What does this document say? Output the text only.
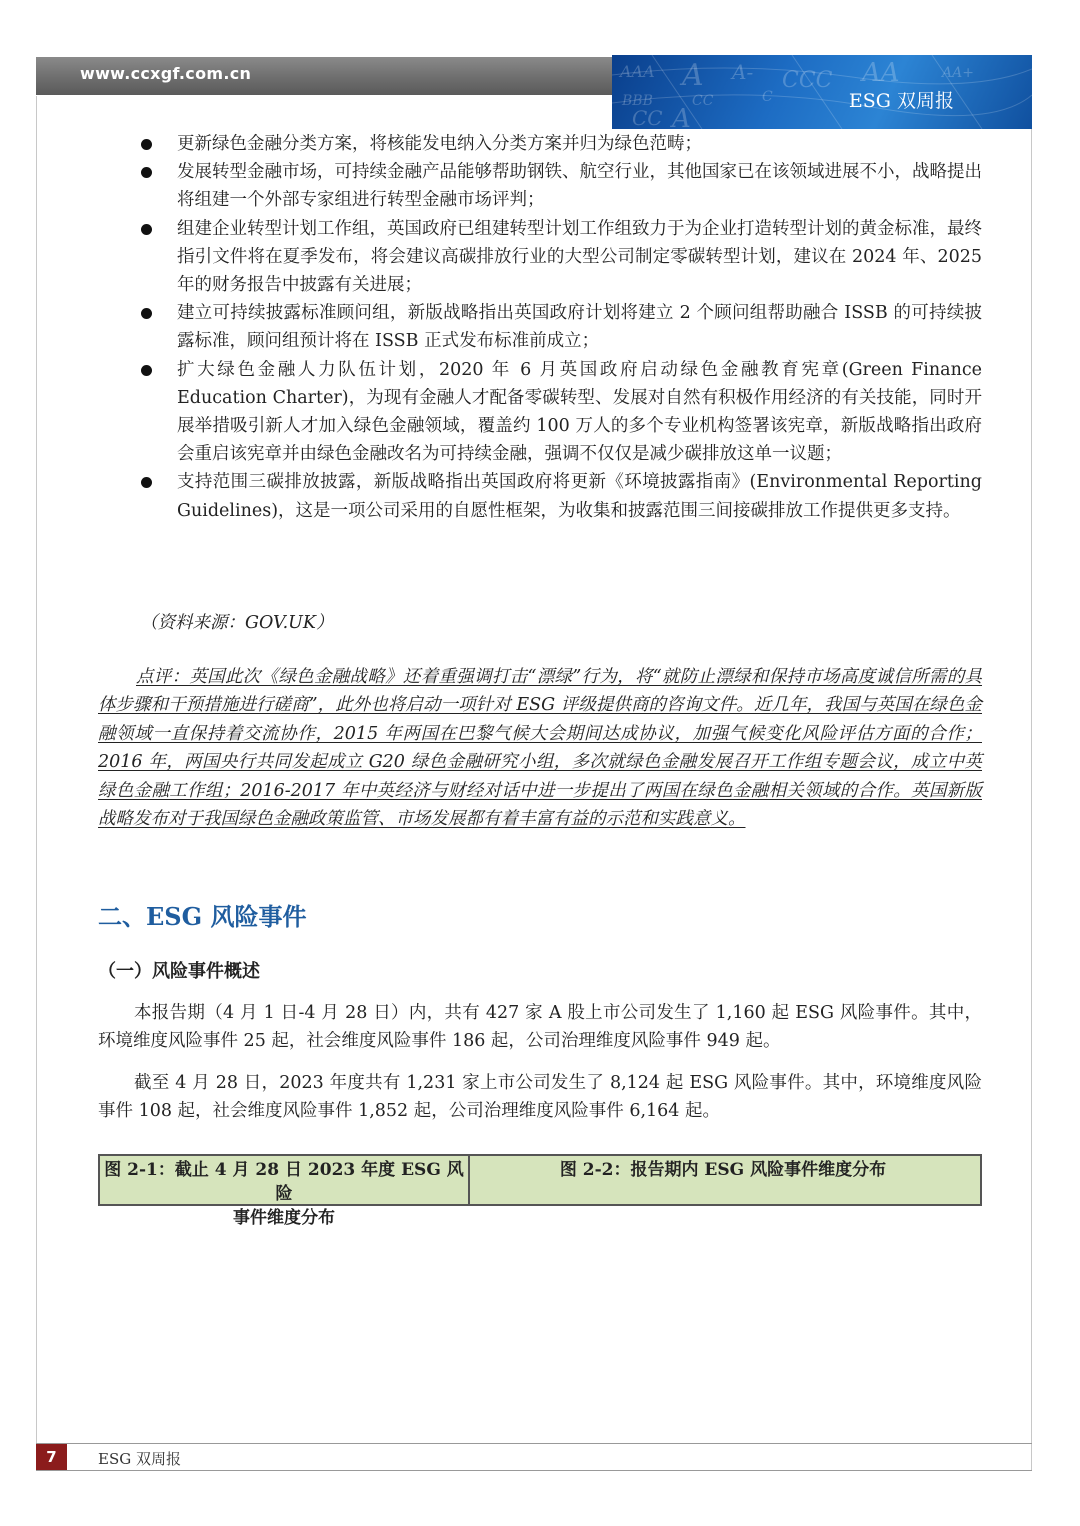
www.ccxgf.com.cn	AAA A A- CCC AA
BBB	CC	C
CC A
AA+
ESG 双周报

更新绿色金融分类方案，将核能发电纳入分类方案并归为绿色范畴；

发展转型金融市场，可持续金融产品能够帮助钢铁、航空行业，其他国家已在该领域进展不小，战略提出将组建一个外部专家组进行转型金融市场评判；

组建企业转型计划工作组，英国政府已组建转型计划工作组致力于为企业打造转型计划的黄金标准，最终指引文件将在夏季发布，将会建议高碳排放行业的大型公司制定零碳转型计划，建议在 2024 年、2025 年的财务报告中披露有关进展；

建立可持续披露标准顾问组，新版战略指出英国政府计划将建立 2 个顾问组帮助融合 ISSB 的可持续披露标准，顾问组预计将在 ISSB 正式发布标准前成立；

扩大绿色金融人力队伍计划，2020 年 6 月英国政府启动绿色金融教育宪章(Green Finance Education Charter)，为现有金融人才配备零碳转型、发展对自然有积极作用经济的有关技能，同时开展举措吸引新人才加入绿色金融领域，覆盖约 100 万人的多个专业机构签署该宪章，新版战略指出政府会重启该宪章并由绿色金融改名为可持续金融，强调不仅仅是减少碳排放这单一议题；

支持范围三碳排放披露，新版战略指出英国政府将更新《环境披露指南》(Environmental Reporting Guidelines)，这是一项公司采用的自愿性框架，为收集和披露范围三间接碳排放工作提供更多支持。

（资料来源：GOV.UK）

点评：英国此次《绿色金融战略》还着重强调打击“漂绿”行为，将“就防止漂绿和保持市场高度诚信所需的具体步骤和干预措施进行磋商”，此外也将启动一项针对 ESG 评级提供商的咨询文件。近几年，我国与英国在绿色金融领域一直保持着交流协作，2015 年两国在巴黎气候大会期间达成协议，加强气候变化风险评估方面的合作；2016 年，两国央行共同发起成立 G20 绿色金融研究小组，多次就绿色金融发展召开工作组专题会议，成立中英绿色金融工作组；2016-2017 年中英经济与财经对话中进一步提出了两国在绿色金融相关领域的合作。英国新版战略发布对于我国绿色金融政策监管、市场发展都有着丰富有益的示范和实践意义。

二、ESG 风险事件
（一）风险事件概述

本报告期（4 月 1 日-4 月 28 日）内，共有 427 家 A 股上市公司发生了 1,160 起 ESG 风险事件。其中，环境维度风险事件 25 起，社会维度风险事件 186 起，公司治理维度风险事件 949 起。

截至 4 月 28 日，2023 年度共有 1,231 家上市公司发生了 8,124 起 ESG 风险事件。其中，环境维度风险事件 108 起，社会维度风险事件 1,852 起，公司治理维度风险事件 6,164 起。

图 2-1：截止 4 月 28 日 2023 年度 ESG 风险
事件维度分布
图 2-2：报告期内 ESG 风险事件维度分布
7	ESG 双周报
